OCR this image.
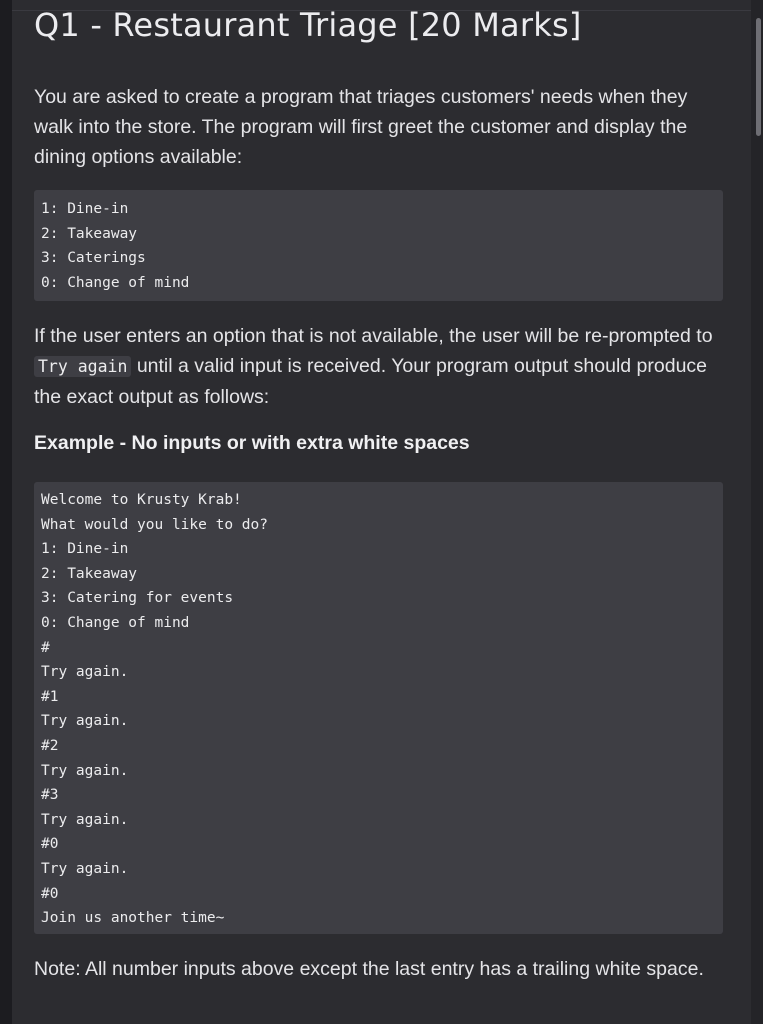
Q1 - Restaurant Triage [20 Marks]

You are asked to create a program that triages customers' needs when they walk into the store. The program will first greet the customer and display the dining options available:

1: Dine-in
2: Takeaway
3: Caterings
0: Change of mind

If the user enters an option that is not available, the user will be re-prompted to Try again until a valid input is received. Your program output should produce the exact output as follows:

Example - No inputs or with extra white spaces
Welcome to Krusty Krab!
What would you like to do?
1: Dine-in
2: Takeaway
3: Catering for events
0: Change of mind
#
Try again.
#1
Try again.
#2
Try again.
#3
Try again.
#0
Try again.
#0
Join us another time~

Note: All number inputs above except the last entry has a trailing white space.
